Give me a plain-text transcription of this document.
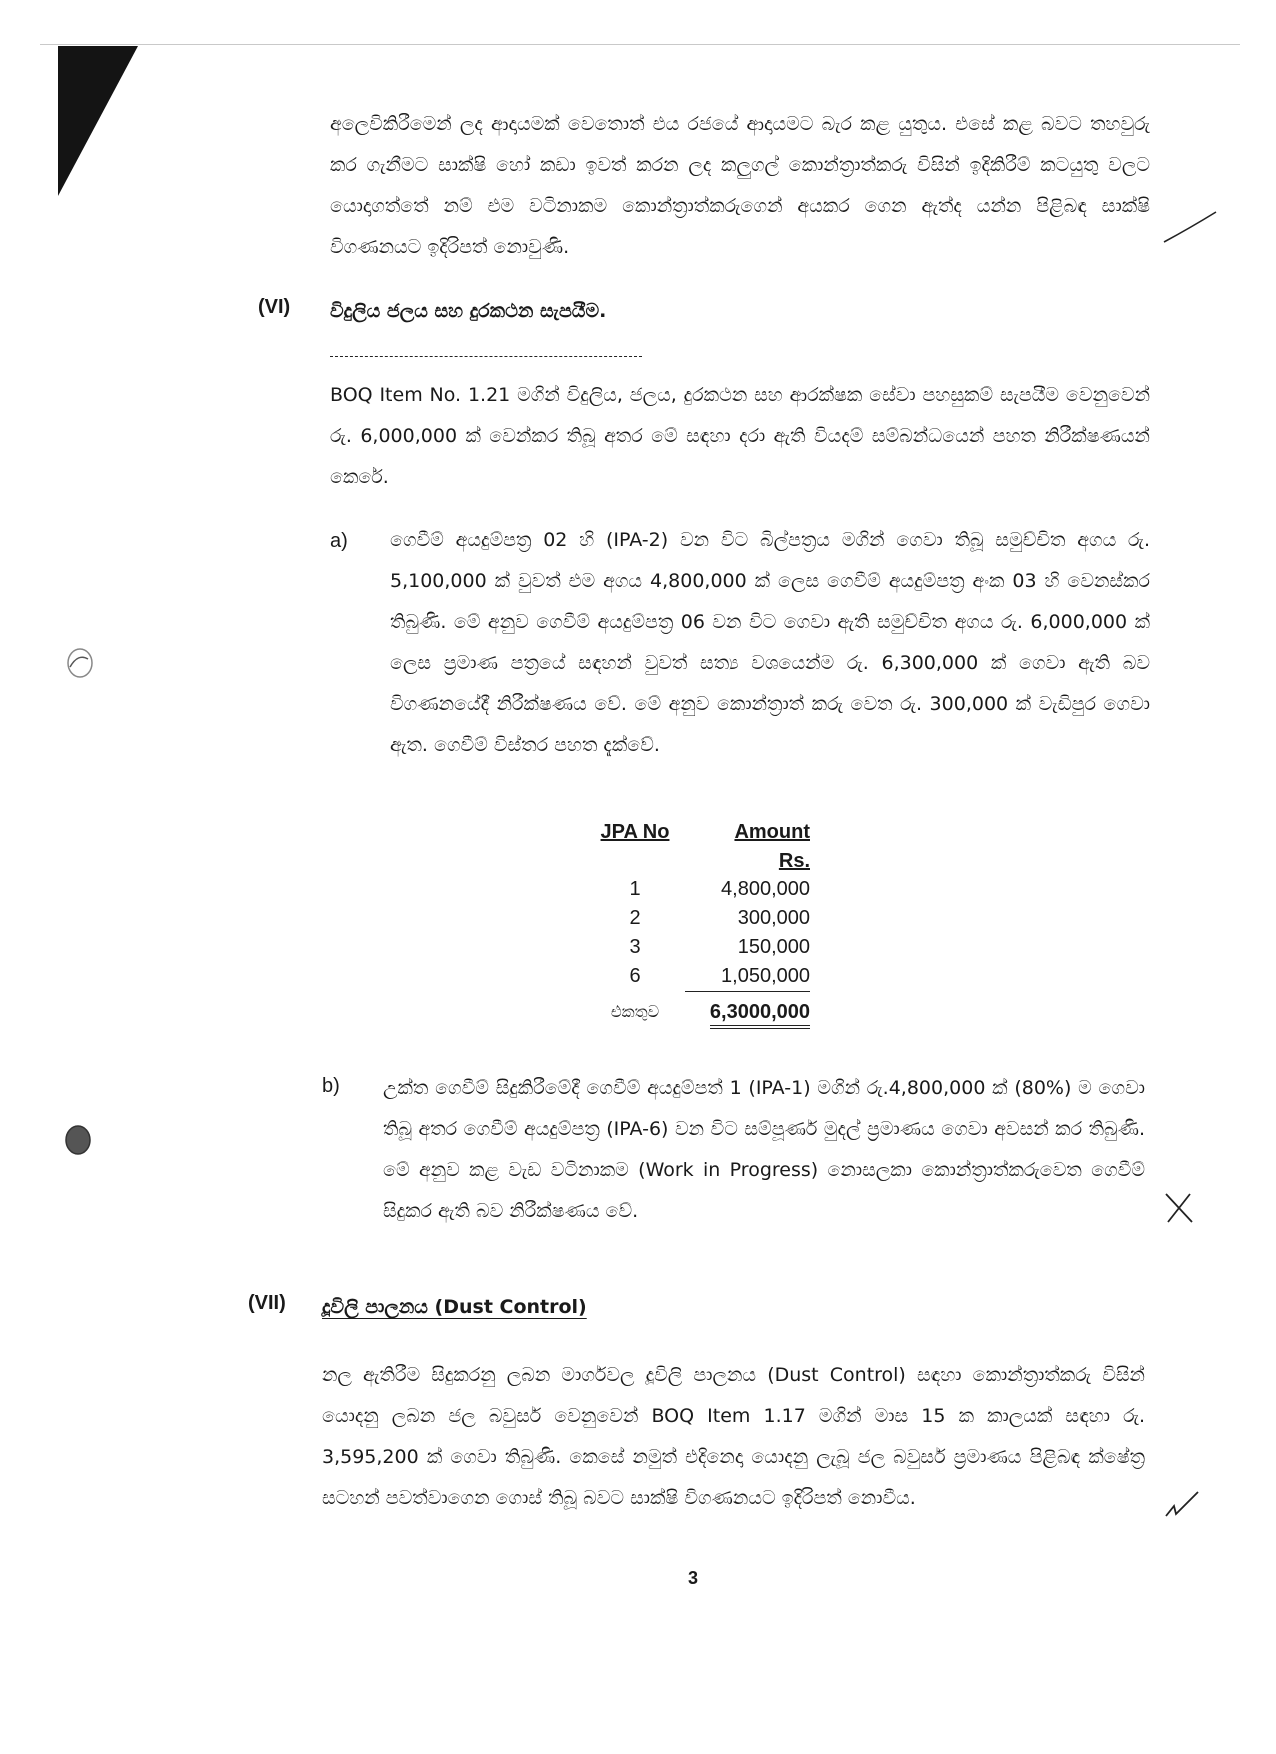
අලෙවිකිරීමෙන් ලද ආදායමක් වෙතොත් එය රජයේ ආදායමට බැර කළ යුතුය. එසේ කළ බවට තහවුරු කර ගැනීමට සාක්ෂි හෝ කඩා ඉවත් කරන ලද කලුගල් කොන්ත්‍රාත්කරු විසින් ඉදිකිරීම් කටයුතු වලට යොදාගත්තේ නම් එම වටිනාකම කොන්ත්‍රාත්කරුගෙන් අයකර ගෙන ඇත්ද යන්න පිළිබඳ සාක්ෂි විගණනයට ඉදිරිපත් නොවුණි.
(VI) විදුලිය ජලය සහ දුරකථන සැපයීම.
BOQ Item No. 1.21 මගින් විදුලිය, ජලය, දුරකථන සහ ආරක්ෂක සේවා පහසුකම් සැපයීම වෙනුවෙන් රු. 6,000,000 ක් වෙන්කර තිබූ අතර මේ සඳහා දරා ඇති වියදම් සම්බන්ධයෙන් පහත නිරීක්ෂණයන් කෙරේ.
a) ගෙවීම් අයදුම්පත්‍ර 02 හි (IPA-2) වන විට බිල්පත්‍රය මගින් ගෙවා තිබූ සමුච්චිත අගය රු. 5,100,000 ක් වුවත් එම අගය 4,800,000 ක් ලෙස ගෙවීම් අයදුම්පත්‍ර අංක 03 හි වෙනස්කර තිබුණි. මේ අනුව ගෙවීම් අයදුම්පත්‍ර 06 වන විට ගෙවා ඇති සමුච්චිත අගය රු. 6,000,000 ක් ලෙස ප්‍රමාණ පත්‍රයේ සඳහන් වුවත් සත්‍ය වශයෙන්ම රු. 6,300,000 ක් ගෙවා ඇති බව විගණනයේදී නිරීක්ෂණය වේ. මේ අනුව කොන්ත්‍රාත් කරු වෙත රු. 300,000 ක් වැඩිපුර ගෙවා ඇත. ගෙවීම් විස්තර පහත දැක්වේ.
JPA No	Amount
	Rs.
1	4,800,000
2	300,000
3	150,000
6	1,050,000
එකතුව	6,3000,000
b) උක්ත ගෙවීම් සිදුකිරීමේදී ගෙවීම් අයදුම්පත් 1 (IPA-1) මගින් රු.4,800,000 ක් (80%) ම ගෙවා තිබූ අතර ගෙවීම් අයදුම්පත්‍ර (IPA-6) වන විට සම්පූර්ණ මුදල් ප්‍රමාණය ගෙවා අවසන් කර තිබුණි. මේ අනුව කළ වැඩ වටිනාකම (Work in Progress) නොසලකා කොන්ත්‍රාත්කරුවෙත ගෙවීම් සිදුකර ඇති බව නිරීක්ෂණය වේ.
(VII) දූවිලි පාලනය (Dust Control)
නල ඇතිරීම සිදුකරනු ලබන මාර්ගවල දූවිලි පාලනය (Dust Control) සඳහා කොන්ත්‍රාත්කරු විසින් යොදනු ලබන ජල බවුසර් වෙනුවෙන් BOQ Item 1.17 මගින් මාස 15 ක කාලයක් සඳහා රු. 3,595,200 ක් ගෙවා තිබුණි. කෙසේ නමුත් එදිනෙදා යොදනු ලැබූ ජල බවුසර් ප්‍රමාණය පිළිබඳ ක්ෂේත්‍ර සටහන් පවත්වාගෙන ගොස් තිබූ බවට සාක්ෂි විගණනයට ඉදිරිපත් නොවීය.
3
